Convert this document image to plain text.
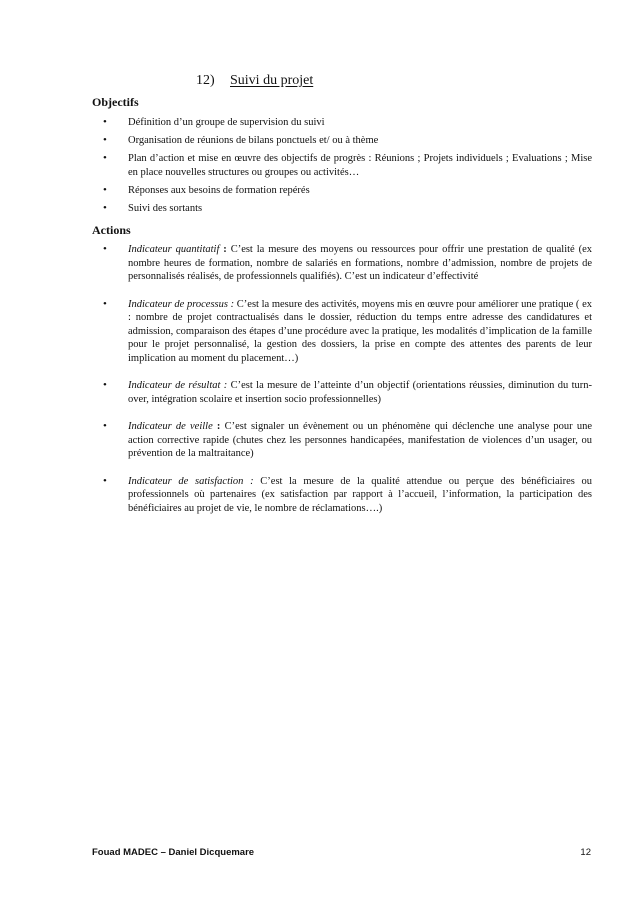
12) Suivi du projet
Objectifs
• Définition d’un groupe de supervision du suivi
• Organisation de réunions de bilans ponctuels et/ ou à thème
• Plan d’action et mise en œuvre des objectifs de progrès : Réunions ; Projets individuels ; Evaluations ; Mise en place nouvelles structures ou groupes ou activités…
• Réponses aux besoins de formation repérés
• Suivi des sortants
Actions
• Indicateur quantitatif : C’est la mesure des moyens ou ressources pour offrir une prestation de qualité (ex nombre heures de formation, nombre de salariés en formations, nombre d’admission, nombre de projets de personnalisés réalisés, de professionnels qualifiés). C’est un indicateur d’effectivité
• Indicateur de processus : C’est la mesure des activités, moyens mis en œuvre pour améliorer une pratique ( ex : nombre de projet contractualisés dans le dossier, réduction du temps entre adresse des candidatures et admission, comparaison des étapes d’une procédure avec la pratique, les modalités d’implication de la famille pour le projet personnalisé, la gestion des dossiers, la prise en compte des attentes des parents de leur implication au moment du placement…)
• Indicateur de résultat : C’est la mesure de l’atteinte d’un objectif (orientations réussies, diminution du turn-over, intégration scolaire et insertion socio professionnelles)
• Indicateur de veille : C’est signaler un évènement ou un phénomène qui déclenche une analyse pour une action corrective rapide (chutes chez les personnes handicapées, manifestation de violences d’un usager, ou prévention de la maltraitance)
• Indicateur de satisfaction : C’est la mesure de la qualité attendue ou perçue des bénéficiaires ou professionnels où partenaires (ex satisfaction par rapport à l’accueil, l’information, la participation des bénéficiaires au projet de vie, le nombre de réclamations….)
Fouad MADEC – Daniel Dicquemare	12
